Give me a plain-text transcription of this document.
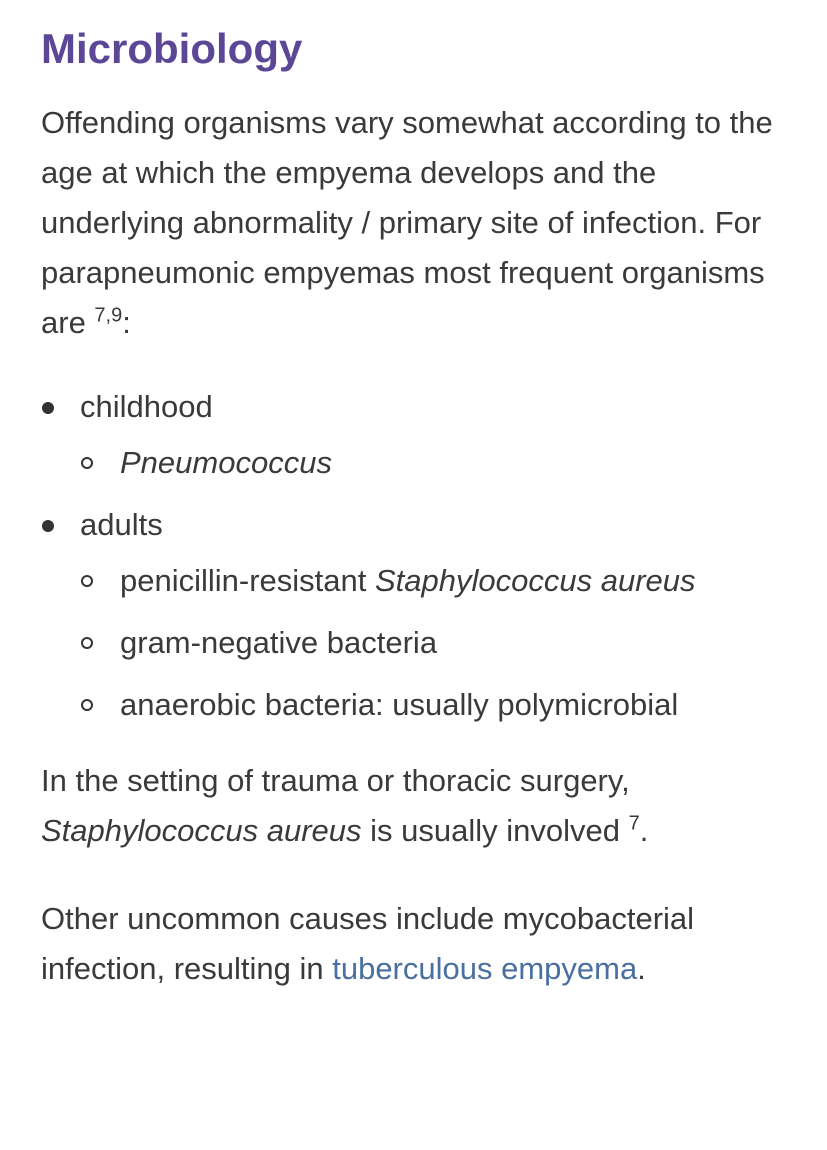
Microbiology

Offending organisms vary somewhat according to the age at which the empyema develops and the underlying abnormality / primary site of infection. For parapneumonic empyemas most frequent organisms are $^{7,9}$:

childhood
Pneumococcus
adults
penicillin-resistant Staphylococcus aureus
gram-negative bacteria
anaerobic bacteria: usually polymicrobial

In the setting of trauma or thoracic surgery, Staphylococcus aureus is usually involved $^7$.

Other uncommon causes include mycobacterial infection, resulting in tuberculous empyema.
